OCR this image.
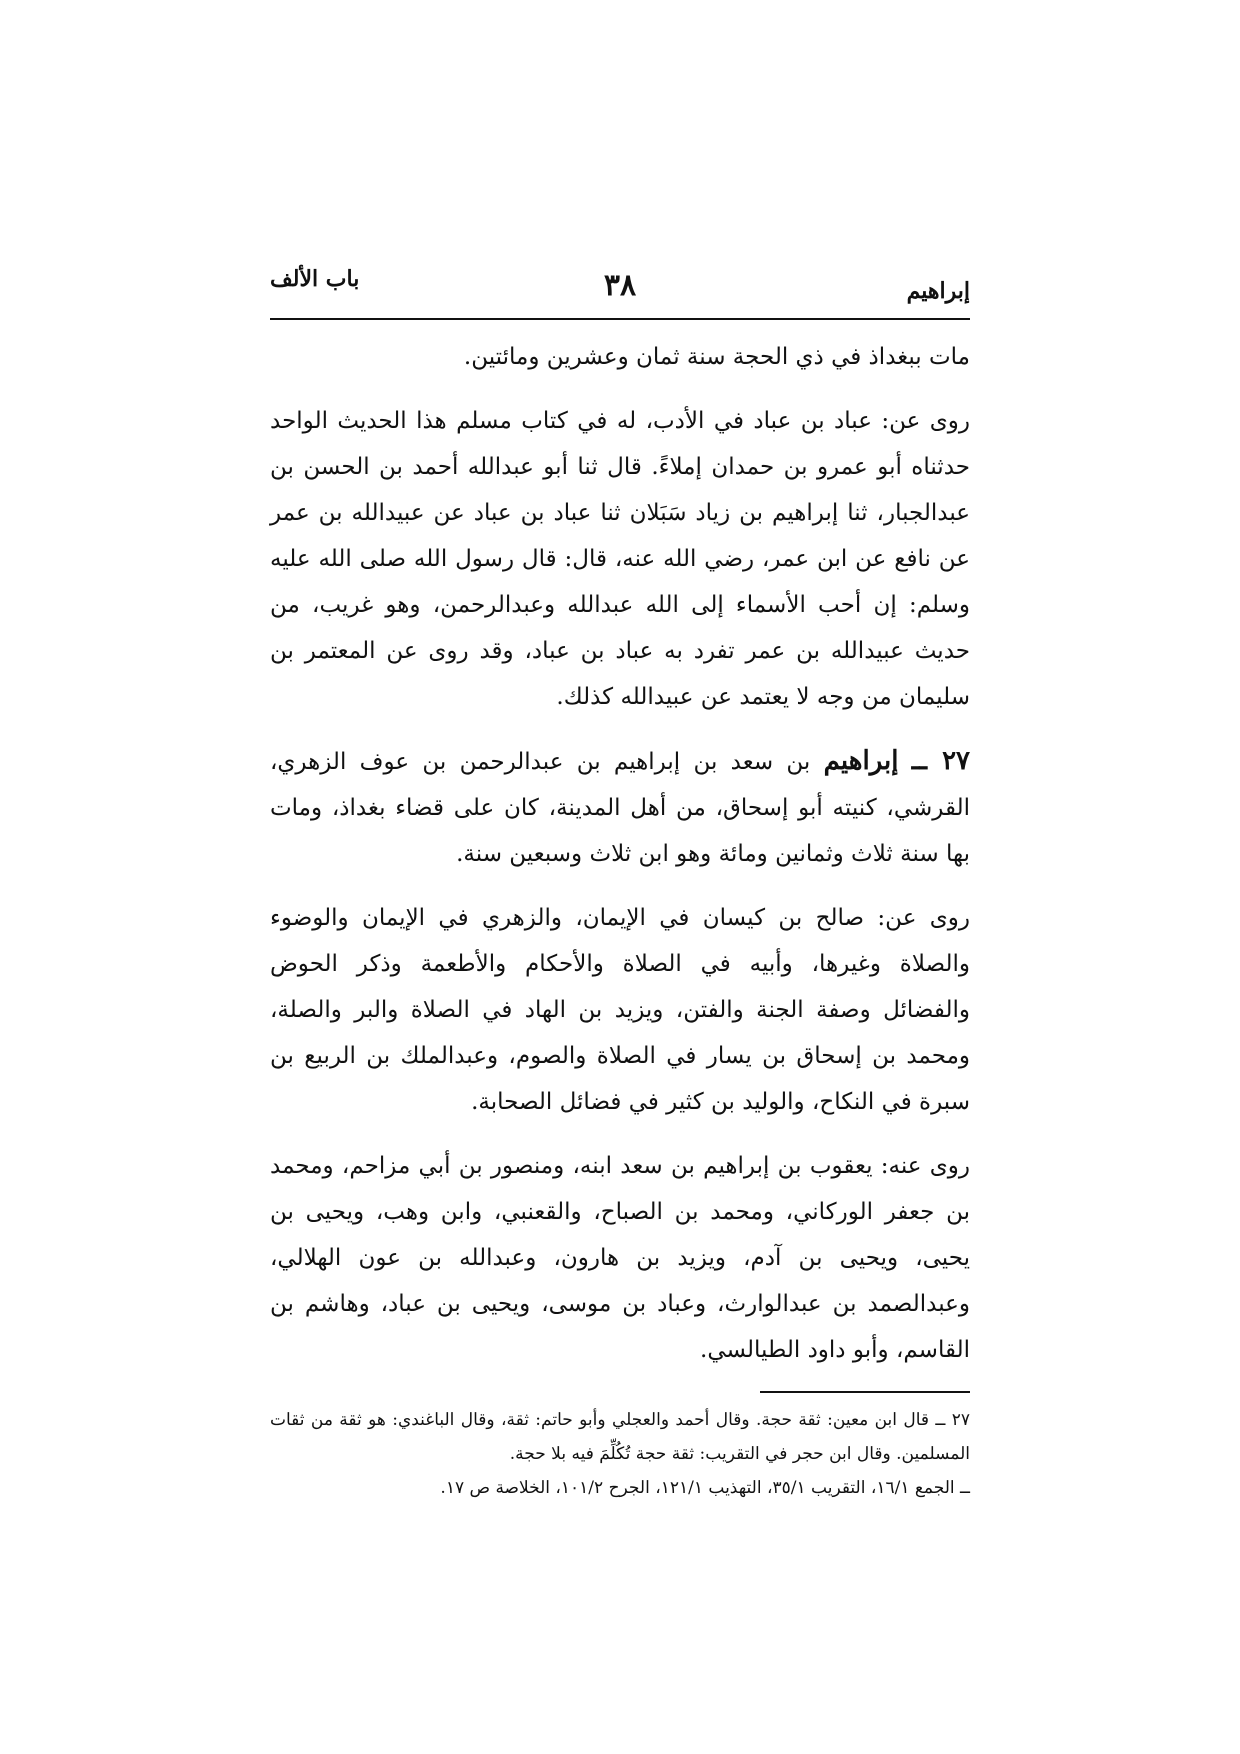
إبراهيم
٣٨
باب الألف

مات ببغداذ في ذي الحجة سنة ثمان وعشرين ومائتين.

روى عن: عباد بن عباد في الأدب، له في كتاب مسلم هذا الحديث الواحد حدثناه أبو عمرو بن حمدان إملاءً. قال ثنا أبو عبدالله أحمد بن الحسن بن عبدالجبار، ثنا إبراهيم بن زياد سَبَلان ثنا عباد بن عباد عن عبيدالله بن عمر عن نافع عن ابن عمر، رضي الله عنه، قال: قال رسول الله صلى الله عليه وسلم: إن أحب الأسماء إلى الله عبدالله وعبدالرحمن، وهو غريب، من حديث عبيدالله بن عمر تفرد به عباد بن عباد، وقد روى عن المعتمر بن سليمان من وجه لا يعتمد عن عبيدالله كذلك.

٢٧ ــ إبراهيم بن سعد بن إبراهيم بن عبدالرحمن بن عوف الزهري، القرشي، كنيته أبو إسحاق، من أهل المدينة، كان على قضاء بغداذ، ومات بها سنة ثلاث وثمانين ومائة وهو ابن ثلاث وسبعين سنة.

روى عن: صالح بن كيسان في الإيمان، والزهري في الإيمان والوضوء والصلاة وغيرها، وأبيه في الصلاة والأحكام والأطعمة وذكر الحوض والفضائل وصفة الجنة والفتن، ويزيد بن الهاد في الصلاة والبر والصلة، ومحمد بن إسحاق بن يسار في الصلاة والصوم، وعبدالملك بن الربيع بن سبرة في النكاح، والوليد بن كثير في فضائل الصحابة.

روى عنه: يعقوب بن إبراهيم بن سعد ابنه، ومنصور بن أبي مزاحم، ومحمد بن جعفر الوركاني، ومحمد بن الصباح، والقعنبي، وابن وهب، ويحيى بن يحيى، ويحيى بن آدم، ويزيد بن هارون، وعبدالله بن عون الهلالي، وعبدالصمد بن عبدالوارث، وعباد بن موسى، ويحيى بن عباد، وهاشم بن القاسم، وأبو داود الطيالسي.

٢٧ ــ قال ابن معين: ثقة حجة. وقال أحمد والعجلي وأبو حاتم: ثقة، وقال الباغندي: هو ثقة من ثقات المسلمين. وقال ابن حجر في التقريب: ثقة حجة تُكُلِّمَ فيه بلا حجة.

ــ الجمع ١٦/١، التقريب ٣٥/١، التهذيب ١٢١/١، الجرح ١٠١/٢، الخلاصة ص ١٧.
